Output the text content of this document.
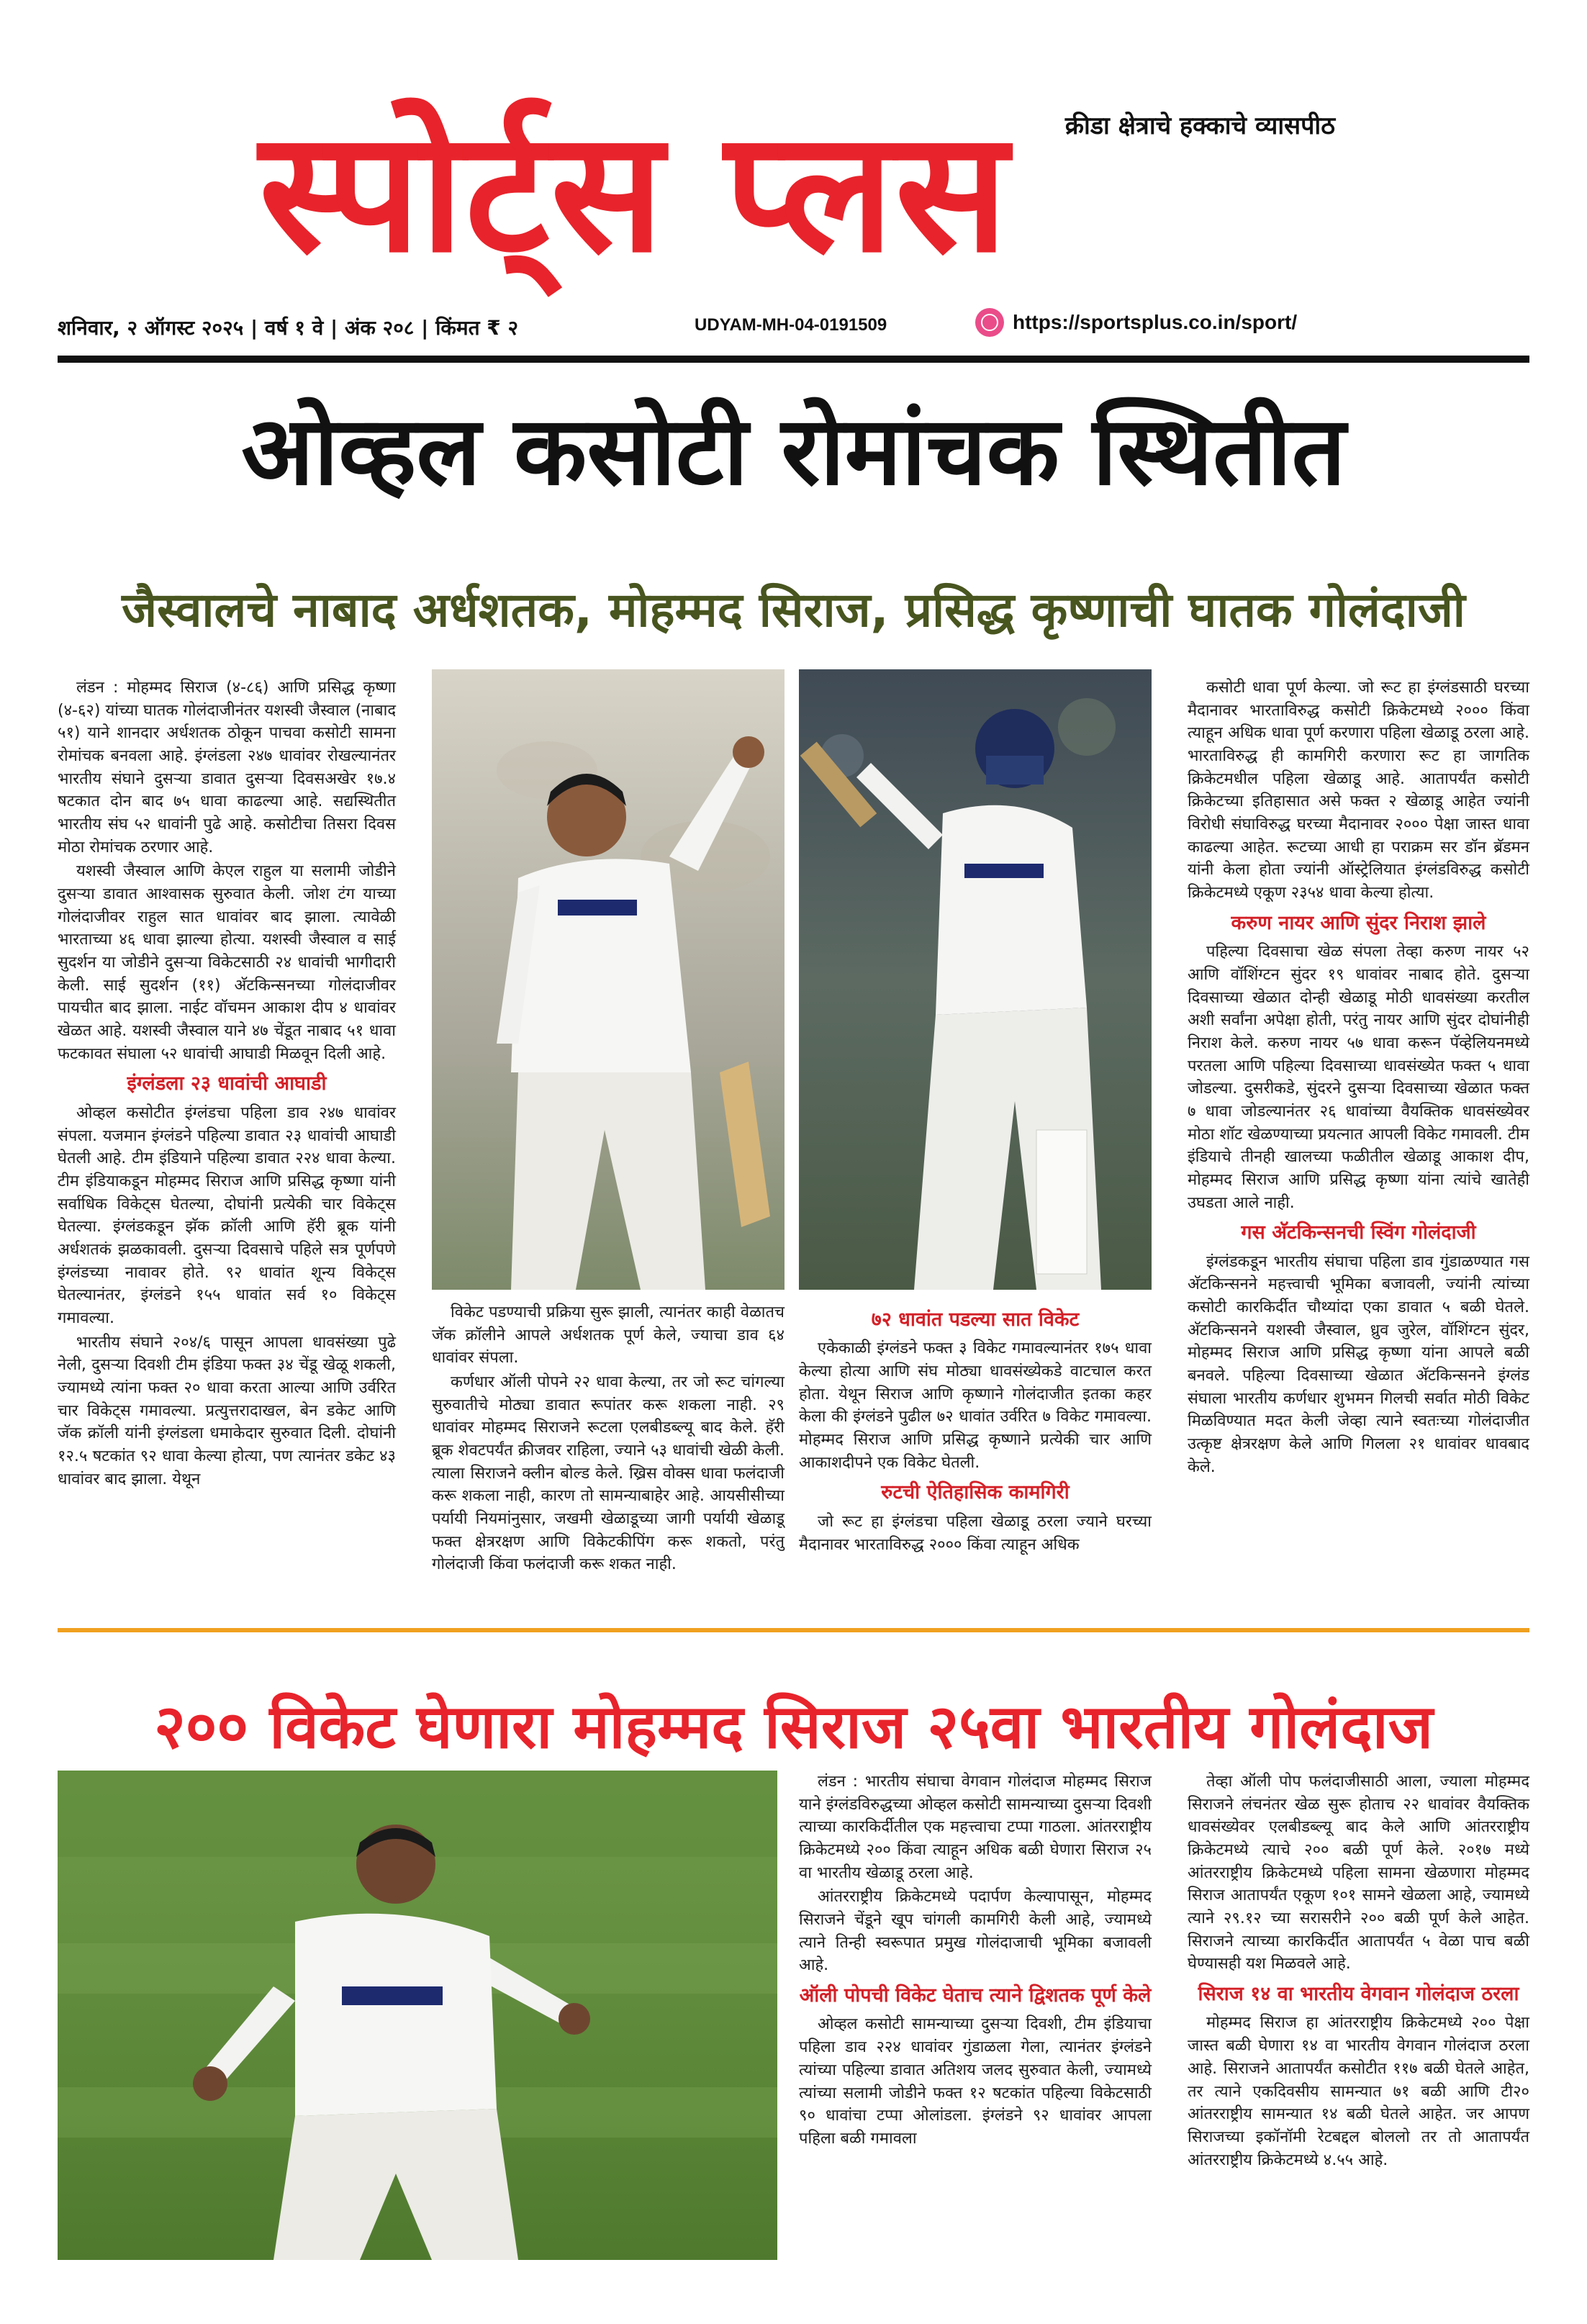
क्रीडा क्षेत्राचे हक्काचे व्यासपीठ
स्पोर्ट्स प्लस
शनिवार, २ ऑगस्ट २०२५ | वर्ष १ वे | अंक २०८ | किंमत ₹ २	UDYAM-MH-04-0191509	https://sportsplus.co.in/sport/
ओव्हल कसोटी रोमांचक स्थितीत
जैस्वालचे नाबाद अर्धशतक, मोहम्मद सिराज, प्रसिद्ध कृष्णाची घातक गोलंदाजी

लंडन : मोहम्मद सिराज (४-८६) आणि प्रसिद्ध कृष्णा (४-६२) यांच्या घातक गोलंदाजीनंतर यशस्वी जैस्वाल (नाबाद ५१) याने शानदार अर्धशतक ठोकून पाचवा कसोटी सामना रोमांचक बनवला आहे. इंग्लंडला २४७ धावांवर रोखल्यानंतर भारतीय संघाने दुसऱ्या डावात दुसऱ्या दिवसअखेर १७.४ षटकात दोन बाद ७५ धावा काढल्या आहे. सद्यस्थितीत भारतीय संघ ५२ धावांनी पुढे आहे. कसोटीचा तिसरा दिवस मोठा रोमांचक ठरणार आहे.

यशस्वी जैस्वाल आणि केएल राहुल या सलामी जोडीने दुसऱ्या डावात आश्वासक सुरुवात केली. जोश टंग याच्या गोलंदाजीवर राहुल सात धावांवर बाद झाला. त्यावेळी भारताच्या ४६ धावा झाल्या होत्या. यशस्वी जैस्वाल व साई सुदर्शन या जोडीने दुसऱ्या विकेटसाठी २४ धावांची भागीदारी केली. साई सुदर्शन (११) अ‍ॅटकिन्सनच्या गोलंदाजीवर पायचीत बाद झाला. नाईट वॉचमन आकाश दीप ४ धावांवर खेळत आहे. यशस्वी जैस्वाल याने ४७ चेंडूत नाबाद ५१ धावा फटकावत संघाला ५२ धावांची आघाडी मिळवून दिली आहे.

इंग्लंडला २३ धावांची आघाडी

ओव्हल कसोटीत इंग्लंडचा पहिला डाव २४७ धावांवर संपला. यजमान इंग्लंडने पहिल्या डावात २३ धावांची आघाडी घेतली आहे. टीम इंडियाने पहिल्या डावात २२४ धावा केल्या. टीम इंडियाकडून मोहम्मद सिराज आणि प्रसिद्ध कृष्णा यांनी सर्वाधिक विकेट्स घेतल्या, दोघांनी प्रत्येकी चार विकेट्स घेतल्या. इंग्लंडकडून झॅक क्रॉली आणि हॅरी ब्रूक यांनी अर्धशतकं झळकावली. दुसऱ्या दिवसाचे पहिले सत्र पूर्णपणे इंग्लंडच्या नावावर होते. ९२ धावांत शून्य विकेट्स घेतल्यानंतर, इंग्लंडने १५५ धावांत सर्व १० विकेट्स गमावल्या.

भारतीय संघाने २०४/६ पासून आपला धावसंख्या पुढे नेली, दुसऱ्या दिवशी टीम इंडिया फक्त ३४ चेंडू खेळू शकली, ज्यामध्ये त्यांना फक्त २० धावा करता आल्या आणि उर्वरित चार विकेट्स गमावल्या. प्रत्युत्तरादाखल, बेन डकेट आणि जॅक क्रॉली यांनी इंग्लंडला धमाकेदार सुरुवात दिली. दोघांनी १२.५ षटकांत ९२ धावा केल्या होत्या, पण त्यानंतर डकेट ४३ धावांवर बाद झाला. येथून

विकेट पडण्याची प्रक्रिया सुरू झाली, त्यानंतर काही वेळातच जॅक क्रॉलीने आपले अर्धशतक पूर्ण केले, ज्याचा डाव ६४ धावांवर संपला.

कर्णधार ऑली पोपने २२ धावा केल्या, तर जो रूट चांगल्या सुरुवातीचे मोठ्या डावात रूपांतर करू शकला नाही. २९ धावांवर मोहम्मद सिराजने रूटला एलबीडब्ल्यू बाद केले. हॅरी ब्रूक शेवटपर्यंत क्रीजवर राहिला, ज्याने ५३ धावांची खेळी केली. त्याला सिराजने क्लीन बोल्ड केले. ख्रिस वोक्स धावा फलंदाजी करू शकला नाही, कारण तो सामन्याबाहेर आहे. आयसीसीच्या पर्यायी नियमांनुसार, जखमी खेळाडूच्या जागी पर्यायी खेळाडू फक्त क्षेत्ररक्षण आणि विकेटकीपिंग करू शकतो, परंतु गोलंदाजी किंवा फलंदाजी करू शकत नाही.

७२ धावांत पडल्या सात विकेट

एकेकाळी इंग्लंडने फक्त ३ विकेट गमावल्यानंतर १७५ धावा केल्या होत्या आणि संघ मोठ्या धावसंख्येकडे वाटचाल करत होता. येथून सिराज आणि कृष्णाने गोलंदाजीत इतका कहर केला की इंग्लंडने पुढील ७२ धावांत उर्वरित ७ विकेट गमावल्या. मोहम्मद सिराज आणि प्रसिद्ध कृष्णाने प्रत्येकी चार आणि आकाशदीपने एक विकेट घेतली.

रुटची ऐतिहासिक कामगिरी

जो रूट हा इंग्लंडचा पहिला खेळाडू ठरला ज्याने घरच्या मैदानावर भारताविरुद्ध २००० किंवा त्याहून अधिक

कसोटी धावा पूर्ण केल्या. जो रूट हा इंग्लंडसाठी घरच्या मैदानावर भारताविरुद्ध कसोटी क्रिकेटमध्ये २००० किंवा त्याहून अधिक धावा पूर्ण करणारा पहिला खेळाडू ठरला आहे. भारताविरुद्ध ही कामगिरी करणारा रूट हा जागतिक क्रिकेटमधील पहिला खेळाडू आहे. आतापर्यंत कसोटी क्रिकेटच्या इतिहासात असे फक्त २ खेळाडू आहेत ज्यांनी विरोधी संघाविरुद्ध घरच्या मैदानावर २००० पेक्षा जास्त धावा काढल्या आहेत. रूटच्या आधी हा पराक्रम सर डॉन ब्रॅडमन यांनी केला होता ज्यांनी ऑस्ट्रेलियात इंग्लंडविरुद्ध कसोटी क्रिकेटमध्ये एकूण २३५४ धावा केल्या होत्या.

करुण नायर आणि सुंदर निराश झाले

पहिल्या दिवसाचा खेळ संपला तेव्हा करुण नायर ५२ आणि वॉशिंग्टन सुंदर १९ धावांवर नाबाद होते. दुसऱ्या दिवसाच्या खेळात दोन्ही खेळाडू मोठी धावसंख्या करतील अशी सर्वांना अपेक्षा होती, परंतु नायर आणि सुंदर दोघांनीही निराश केले. करुण नायर ५७ धावा करून पॅव्हेलियनमध्ये परतला आणि पहिल्या दिवसाच्या धावसंख्येत फक्त ५ धावा जोडल्या. दुसरीकडे, सुंदरने दुसऱ्या दिवसाच्या खेळात फक्त ७ धावा जोडल्यानंतर २६ धावांच्या वैयक्तिक धावसंख्येवर मोठा शॉट खेळण्याच्या प्रयत्नात आपली विकेट गमावली. टीम इंडियाचे तीनही खालच्या फळीतील खेळाडू आकाश दीप, मोहम्मद सिराज आणि प्रसिद्ध कृष्णा यांना त्यांचे खातेही उघडता आले नाही.

गस अ‍ॅटकिन्सनची स्विंग गोलंदाजी

इंग्लंडकडून भारतीय संघाचा पहिला डाव गुंडाळण्यात गस अ‍ॅटकिन्सनने महत्त्वाची भूमिका बजावली, ज्यांनी त्यांच्या कसोटी कारकिर्दीत चौथ्यांदा एका डावात ५ बळी घेतले. अ‍ॅटकिन्सनने यशस्वी जैस्वाल, ध्रुव जुरेल, वॉशिंग्टन सुंदर, मोहम्मद सिराज आणि प्रसिद्ध कृष्णा यांना आपले बळी बनवले. पहिल्या दिवसाच्या खेळात अ‍ॅटकिन्सनने इंग्लंड संघाला भारतीय कर्णधार शुभमन गिलची सर्वात मोठी विकेट मिळविण्यात मदत केली जेव्हा त्याने स्वतःच्या गोलंदाजीत उत्कृष्ट क्षेत्ररक्षण केले आणि गिलला २१ धावांवर धावबाद केले.

२०० विकेट घेणारा मोहम्मद सिराज २५वा भारतीय गोलंदाज

लंडन : भारतीय संघाचा वेगवान गोलंदाज मोहम्मद सिराज याने इंग्लंडविरुद्धच्या ओव्हल कसोटी सामन्याच्या दुसऱ्या दिवशी त्याच्या कारकिर्दीतील एक महत्त्वाचा टप्पा गाठला. आंतरराष्ट्रीय क्रिकेटमध्ये २०० किंवा त्याहून अधिक बळी घेणारा सिराज २५ वा भारतीय खेळाडू ठरला आहे.

आंतरराष्ट्रीय क्रिकेटमध्ये पदार्पण केल्यापासून, मोहम्मद सिराजने चेंडूने खूप चांगली कामगिरी केली आहे, ज्यामध्ये त्याने तिन्ही स्वरूपात प्रमुख गोलंदाजाची भूमिका बजावली आहे.

ऑली पोपची विकेट घेताच त्याने द्विशतक पूर्ण केले

ओव्हल कसोटी सामन्याच्या दुसऱ्या दिवशी, टीम इंडियाचा पहिला डाव २२४ धावांवर गुंडाळला गेला, त्यानंतर इंग्लंडने त्यांच्या पहिल्या डावात अतिशय जलद सुरुवात केली, ज्यामध्ये त्यांच्या सलामी जोडीने फक्त १२ षटकांत पहिल्या विकेटसाठी ९० धावांचा टप्पा ओलांडला. इंग्लंडने ९२ धावांवर आपला पहिला बळी गमावला

तेव्हा ऑली पोप फलंदाजीसाठी आला, ज्याला मोहम्मद सिराजने लंचनंतर खेळ सुरू होताच २२ धावांवर वैयक्तिक धावसंख्येवर एलबीडब्ल्यू बाद केले आणि आंतरराष्ट्रीय क्रिकेटमध्ये त्याचे २०० बळी पूर्ण केले. २०१७ मध्ये आंतरराष्ट्रीय क्रिकेटमध्ये पहिला सामना खेळणारा मोहम्मद सिराज आतापर्यंत एकूण १०१ सामने खेळला आहे, ज्यामध्ये त्याने २९.१२ च्या सरासरीने २०० बळी पूर्ण केले आहेत. सिराजने त्याच्या कारकिर्दीत आतापर्यंत ५ वेळा पाच बळी घेण्यासही यश मिळवले आहे.

सिराज १४ वा भारतीय वेगवान गोलंदाज ठरला

मोहम्मद सिराज हा आंतरराष्ट्रीय क्रिकेटमध्ये २०० पेक्षा जास्त बळी घेणारा १४ वा भारतीय वेगवान गोलंदाज ठरला आहे. सिराजने आतापर्यंत कसोटीत ११७ बळी घेतले आहेत, तर त्याने एकदिवसीय सामन्यात ७१ बळी आणि टी२० आंतरराष्ट्रीय सामन्यात १४ बळी घेतले आहेत. जर आपण सिराजच्या इकॉनॉमी रेटबद्दल बोललो तर तो आतापर्यंत आंतरराष्ट्रीय क्रिकेटमध्ये ४.५५ आहे.
